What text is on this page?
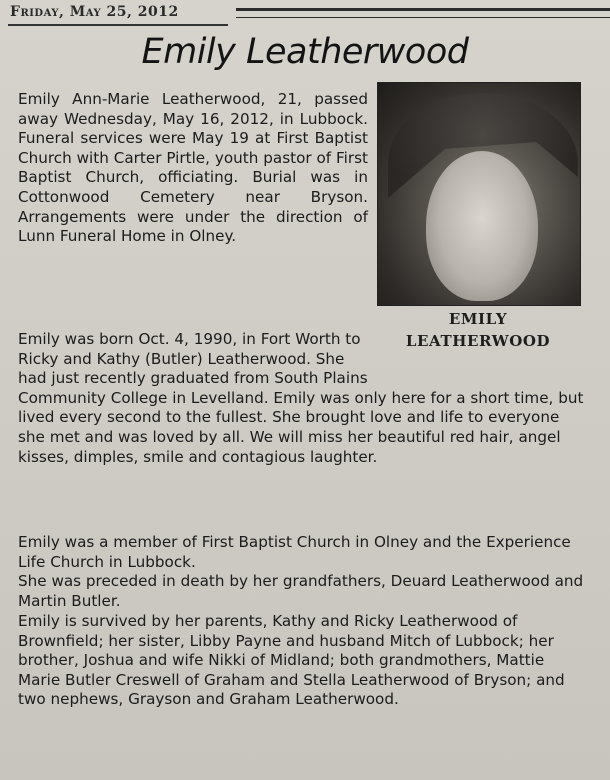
Friday, May 25, 2012
Emily Leatherwood

Emily Ann-Marie Leatherwood, 21, passed away Wednesday, May 16, 2012, in Lubbock. Funeral services were May 19 at First Baptist Church with Carter Pirtle, youth pastor of First Baptist Church, officiating. Burial was in Cottonwood Cemetery near Bryson. Arrangements were under the direction of Lunn Funeral Home in Olney.

EMILY
LEATHERWOOD

Emily was born Oct. 4, 1990, in Fort Worth to Ricky and Kathy (Butler) Leatherwood. She had just recently graduated from South Plains Community College in Levelland. Emily was only here for a short time, but lived every second to the fullest. She brought love and life to everyone she met and was loved by all. We will miss her beautiful red hair, angel kisses, dimples, smile and contagious laughter.

Emily was a member of First Baptist Church in Olney and the Experience Life Church in Lubbock.

She was preceded in death by her grandfathers, Deuard Leatherwood and Martin Butler.

Emily is survived by her parents, Kathy and Ricky Leatherwood of Brownfield; her sister, Libby Payne and husband Mitch of Lubbock; her brother, Joshua and wife Nikki of Midland; both grandmothers, Mattie Marie Butler Creswell of Graham and Stella Leatherwood of Bryson; and two nephews, Grayson and Graham Leatherwood.
